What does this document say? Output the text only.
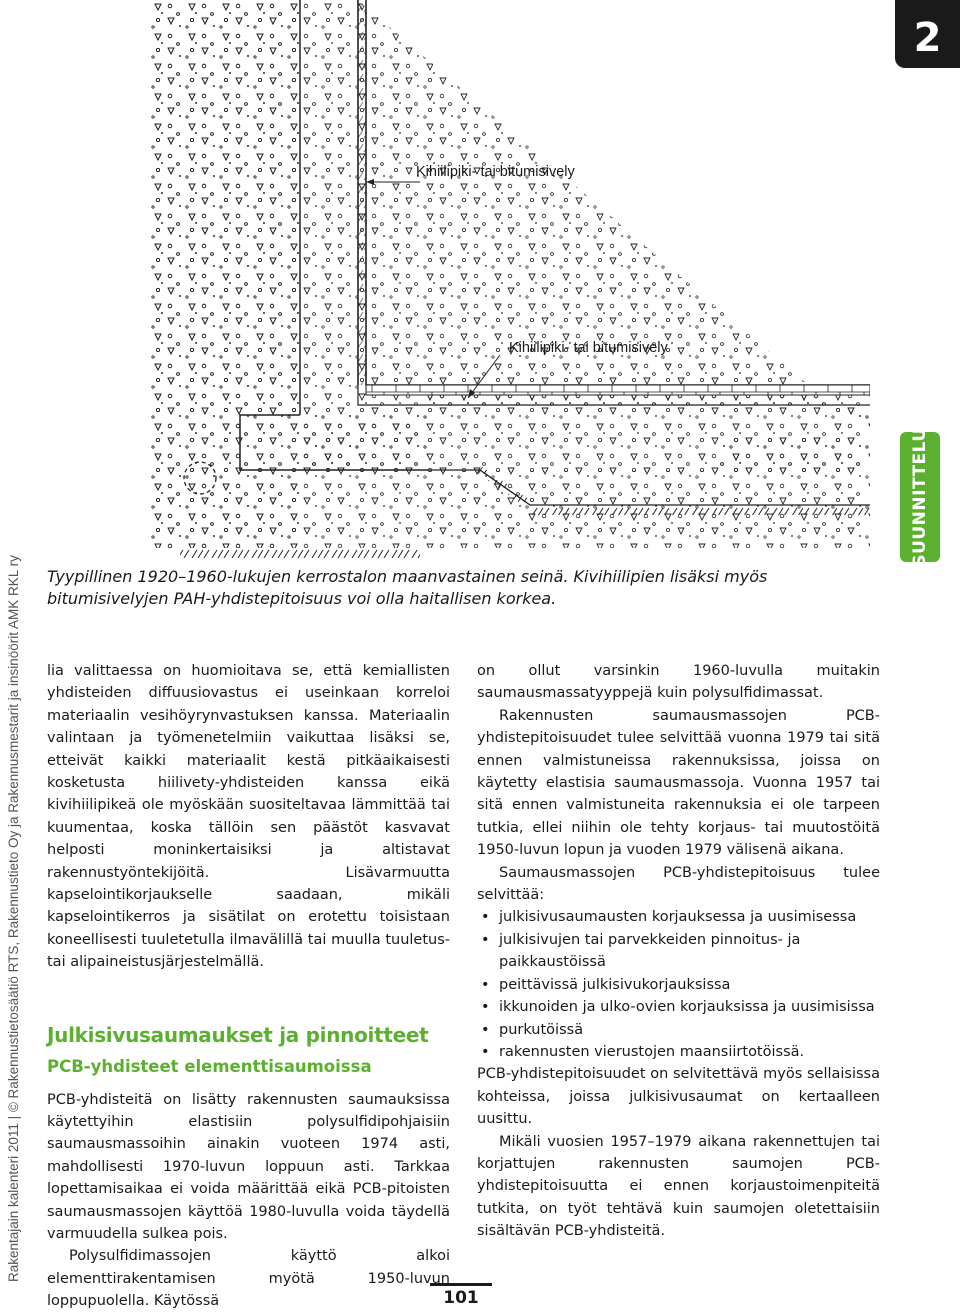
2
SUUNNITTELU
Rakentajain kalenteri 2011 | © Rakennustietosäätiö RTS, Rakennustieto Oy ja Rakennusmestarit ja insinöörit AMK RKL ry
Kihiilipiki- tai bitumisively
Kihiilipiki- tai bitumisively
Tyypillinen 1920–1960-lukujen kerrostalon maanvastainen seinä. Kivihiilipien lisäksi myös bitumisivelyjen PAH-yhdistepitoisuus voi olla haitallisen korkea.

lia valittaessa on huomioitava se, että kemiallisten yhdisteiden diffuusiovastus ei useinkaan korreloi materiaalin vesihöyrynvastuksen kanssa. Materiaalin valintaan ja työmenetelmiin vaikuttaa lisäksi se, etteivät kaikki materiaalit kestä pitkäaikaisesti kosketusta hiilivety-yhdisteiden kanssa eikä kivihiilipikeä ole myöskään suositeltavaa lämmittää tai kuumentaa, koska tällöin sen päästöt kasvavat helposti moninkertaisiksi ja altistavat rakennustyöntekijöitä. Lisävarmuutta kapselointikorjaukselle saadaan, mikäli kapselointikerros ja sisätilat on erotettu toisistaan koneellisesti tuuletetulla ilmavälillä tai muulla tuuletus- tai alipaineistusjärjestelmällä.

Julkisivusaumaukset ja pinnoitteet
PCB-yhdisteet elementtisaumoissa

PCB-yhdisteitä on lisätty rakennusten saumauksissa käytettyihin elastisiin polysulfidipohjaisiin saumausmassoihin ainakin vuoteen 1974 asti, mahdollisesti 1970-luvun loppuun asti. Tarkkaa lopettamisaikaa ei voida määrittää eikä PCB-pitoisten saumausmassojen käyttöä 1980-luvulla voida täydellä varmuudella sulkea pois.

Polysulfidimassojen käyttö alkoi elementtirakentamisen myötä 1950-luvun loppupuolella. Käytössä

on ollut varsinkin 1960-luvulla muitakin saumausmassatyyppejä kuin polysulfidimassat.

Rakennusten saumausmassojen PCB-yhdistepitoisuudet tulee selvittää vuonna 1979 tai sitä ennen valmistuneissa rakennuksissa, joissa on käytetty elastisia saumausmassoja. Vuonna 1957 tai sitä ennen valmistuneita rakennuksia ei ole tarpeen tutkia, ellei niihin ole tehty korjaus- tai muutostöitä 1950-luvun lopun ja vuoden 1979 välisenä aikana.

Saumausmassojen PCB-yhdistepitoisuus tulee selvittää:

• julkisivusaumausten korjauksessa ja uusimisessa
• julkisivujen tai parvekkeiden pinnoitus- ja paikkaustöissä
• peittävissä julkisivukorjauksissa
• ikkunoiden ja ulko-ovien korjauksissa ja uusimisissa
• purkutöissä
• rakennusten vierustojen maansiirtotöissä.

PCB-yhdistepitoisuudet on selvitettävä myös sellaisissa kohteissa, joissa julkisivusaumat on kertaalleen uusittu.

Mikäli vuosien 1957–1979 aikana rakennettujen tai korjattujen rakennusten saumojen PCB-yhdistepitoisuutta ei ennen korjaustoimenpiteitä tutkita, on työt tehtävä kuin saumojen oletettaisiin sisältävän PCB-yhdisteitä.

101
